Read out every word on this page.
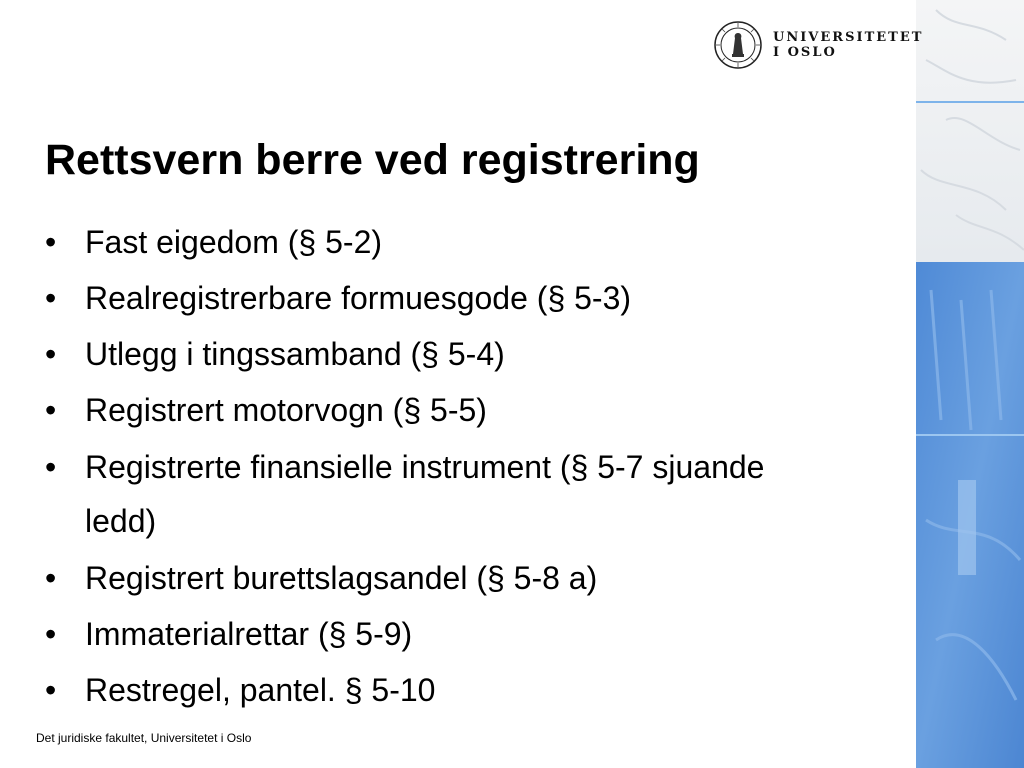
UNIVERSITETET
I OSLO
Rettsvern berre ved registrering
• Fast eigedom (§ 5-2)
• Realregistrerbare formuesgode (§ 5-3)
• Utlegg i tingssamband (§ 5-4)
• Registrert motorvogn (§ 5-5)
• Registrerte finansielle instrument (§ 5-7 sjuande ledd)
• Registrert burettslagsandel (§ 5-8 a)
• Immaterialrettar (§ 5-9)
• Restregel, pantel. § 5-10
Det juridiske fakultet, Universitetet i Oslo
